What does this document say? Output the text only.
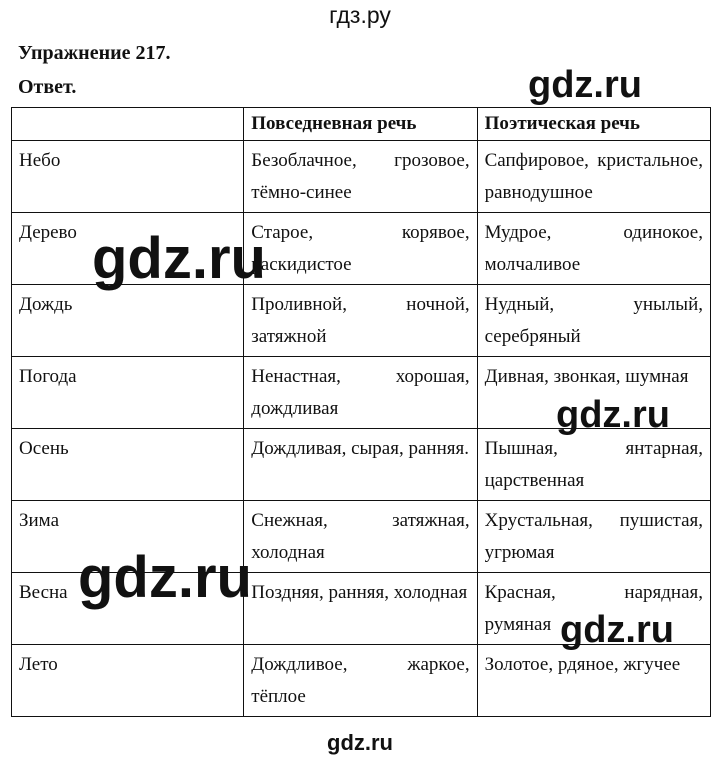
гдз.ру
Упражнение 217.
Ответ.
	Повседневная речь	Поэтическая речь
Небо	Безоблачное, грозовое, тёмно-синее	Сапфировое, кристальное, равнодушное
Дерево	Старое, корявое, раскидистое	Мудрое, одинокое, молчаливое
Дождь	Проливной, ночной, затяжной	Нудный, унылый, серебряный
Погода	Ненастная, хорошая, дождливая	Дивная, звонкая, шумная
Осень	Дождливая, сырая, ранняя.	Пышная, янтарная, царственная
Зима	Снежная, затяжная, холодная	Хрустальная, пушистая, угрюмая
Весна	Поздняя, ранняя, холодная	Красная, нарядная, румяная
Лето	Дождливое, жаркое, тёплое	Золотое, рдяное, жгучее
gdz.ru
gdz.ru
gdz.ru
gdz.ru
gdz.ru
gdz.ru
